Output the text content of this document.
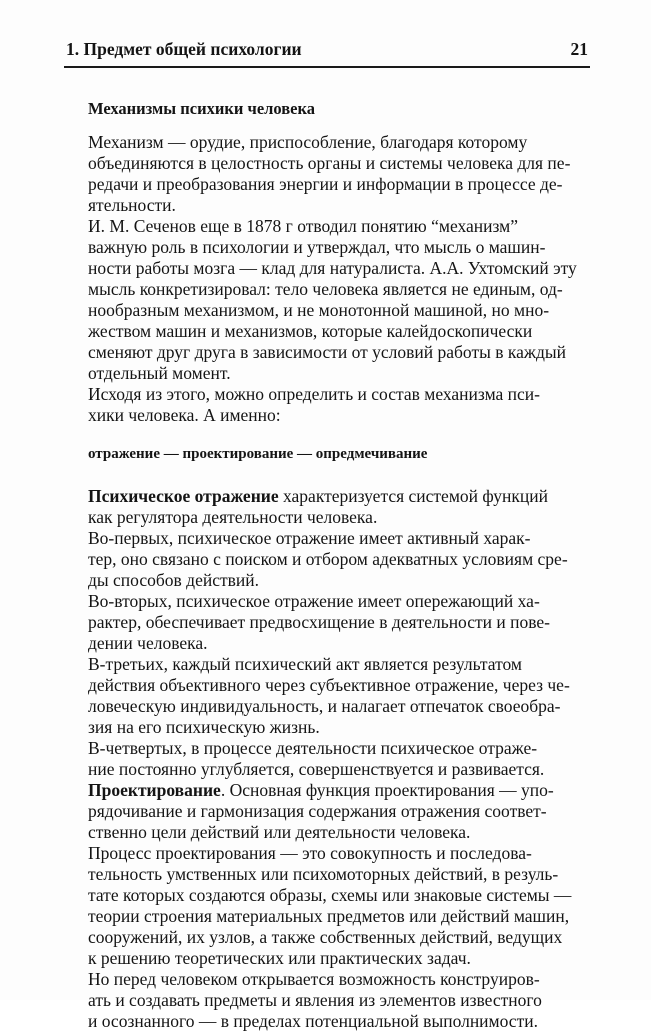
1. Предмет общей психологии	21
Механизмы психики человека
Механизм — орудие, приспособление, благодаря которому
объединяются в целостность органы и системы человека для пе-
редачи и преобразования энергии и информации в процессе де-
ятельности.
И. М. Сеченов еще в 1878 г отводил понятию “механизм”
важную роль в психологии и утверждал, что мысль о машин-
ности работы мозга — клад для натуралиста. А.А. Ухтомский эту
мысль конкретизировал: тело человека является не единым, од-
нообразным механизмом, и не монотонной машиной, но мно-
жеством машин и механизмов, которые калейдоскопически
сменяют друг друга в зависимости от условий работы в каждый
отдельный момент.
Исходя из этого, можно определить и состав механизма пси-
хики человека. А именно:
отражение — проектирование — опредмечивание
Психическое отражение характеризуется системой функций
как регулятора деятельности человека.
Во-первых, психическое отражение имеет активный харак-
тер, оно связано с поиском и отбором адекватных условиям сре-
ды способов действий.
Во-вторых, психическое отражение имеет опережающий ха-
рактер, обеспечивает предвосхищение в деятельности и пове-
дении человека.
В-третьих, каждый психический акт является результатом
действия объективного через субъективное отражение, через че-
ловеческую индивидуальность, и налагает отпечаток своеобра-
зия на его психическую жизнь.
В-четвертых, в процессе деятельности психическое отраже-
ние постоянно углубляется, совершенствуется и развивается.
Проектирование. Основная функция проектирования — упо-
рядочивание и гармонизация содержания отражения соответ-
ственно цели действий или деятельности человека.
Процесс проектирования — это совокупность и последова-
тельность умственных или психомоторных действий, в резуль-
тате которых создаются образы, схемы или знаковые системы —
теории строения материальных предметов или действий машин,
сооружений, их узлов, а также собственных действий, ведущих
к решению теоретических или практических задач.
Но перед человеком открывается возможность конструиров-
ать и создавать предметы и явления из элементов известного
и осознанного — в пределах потенциальной выполнимости.
